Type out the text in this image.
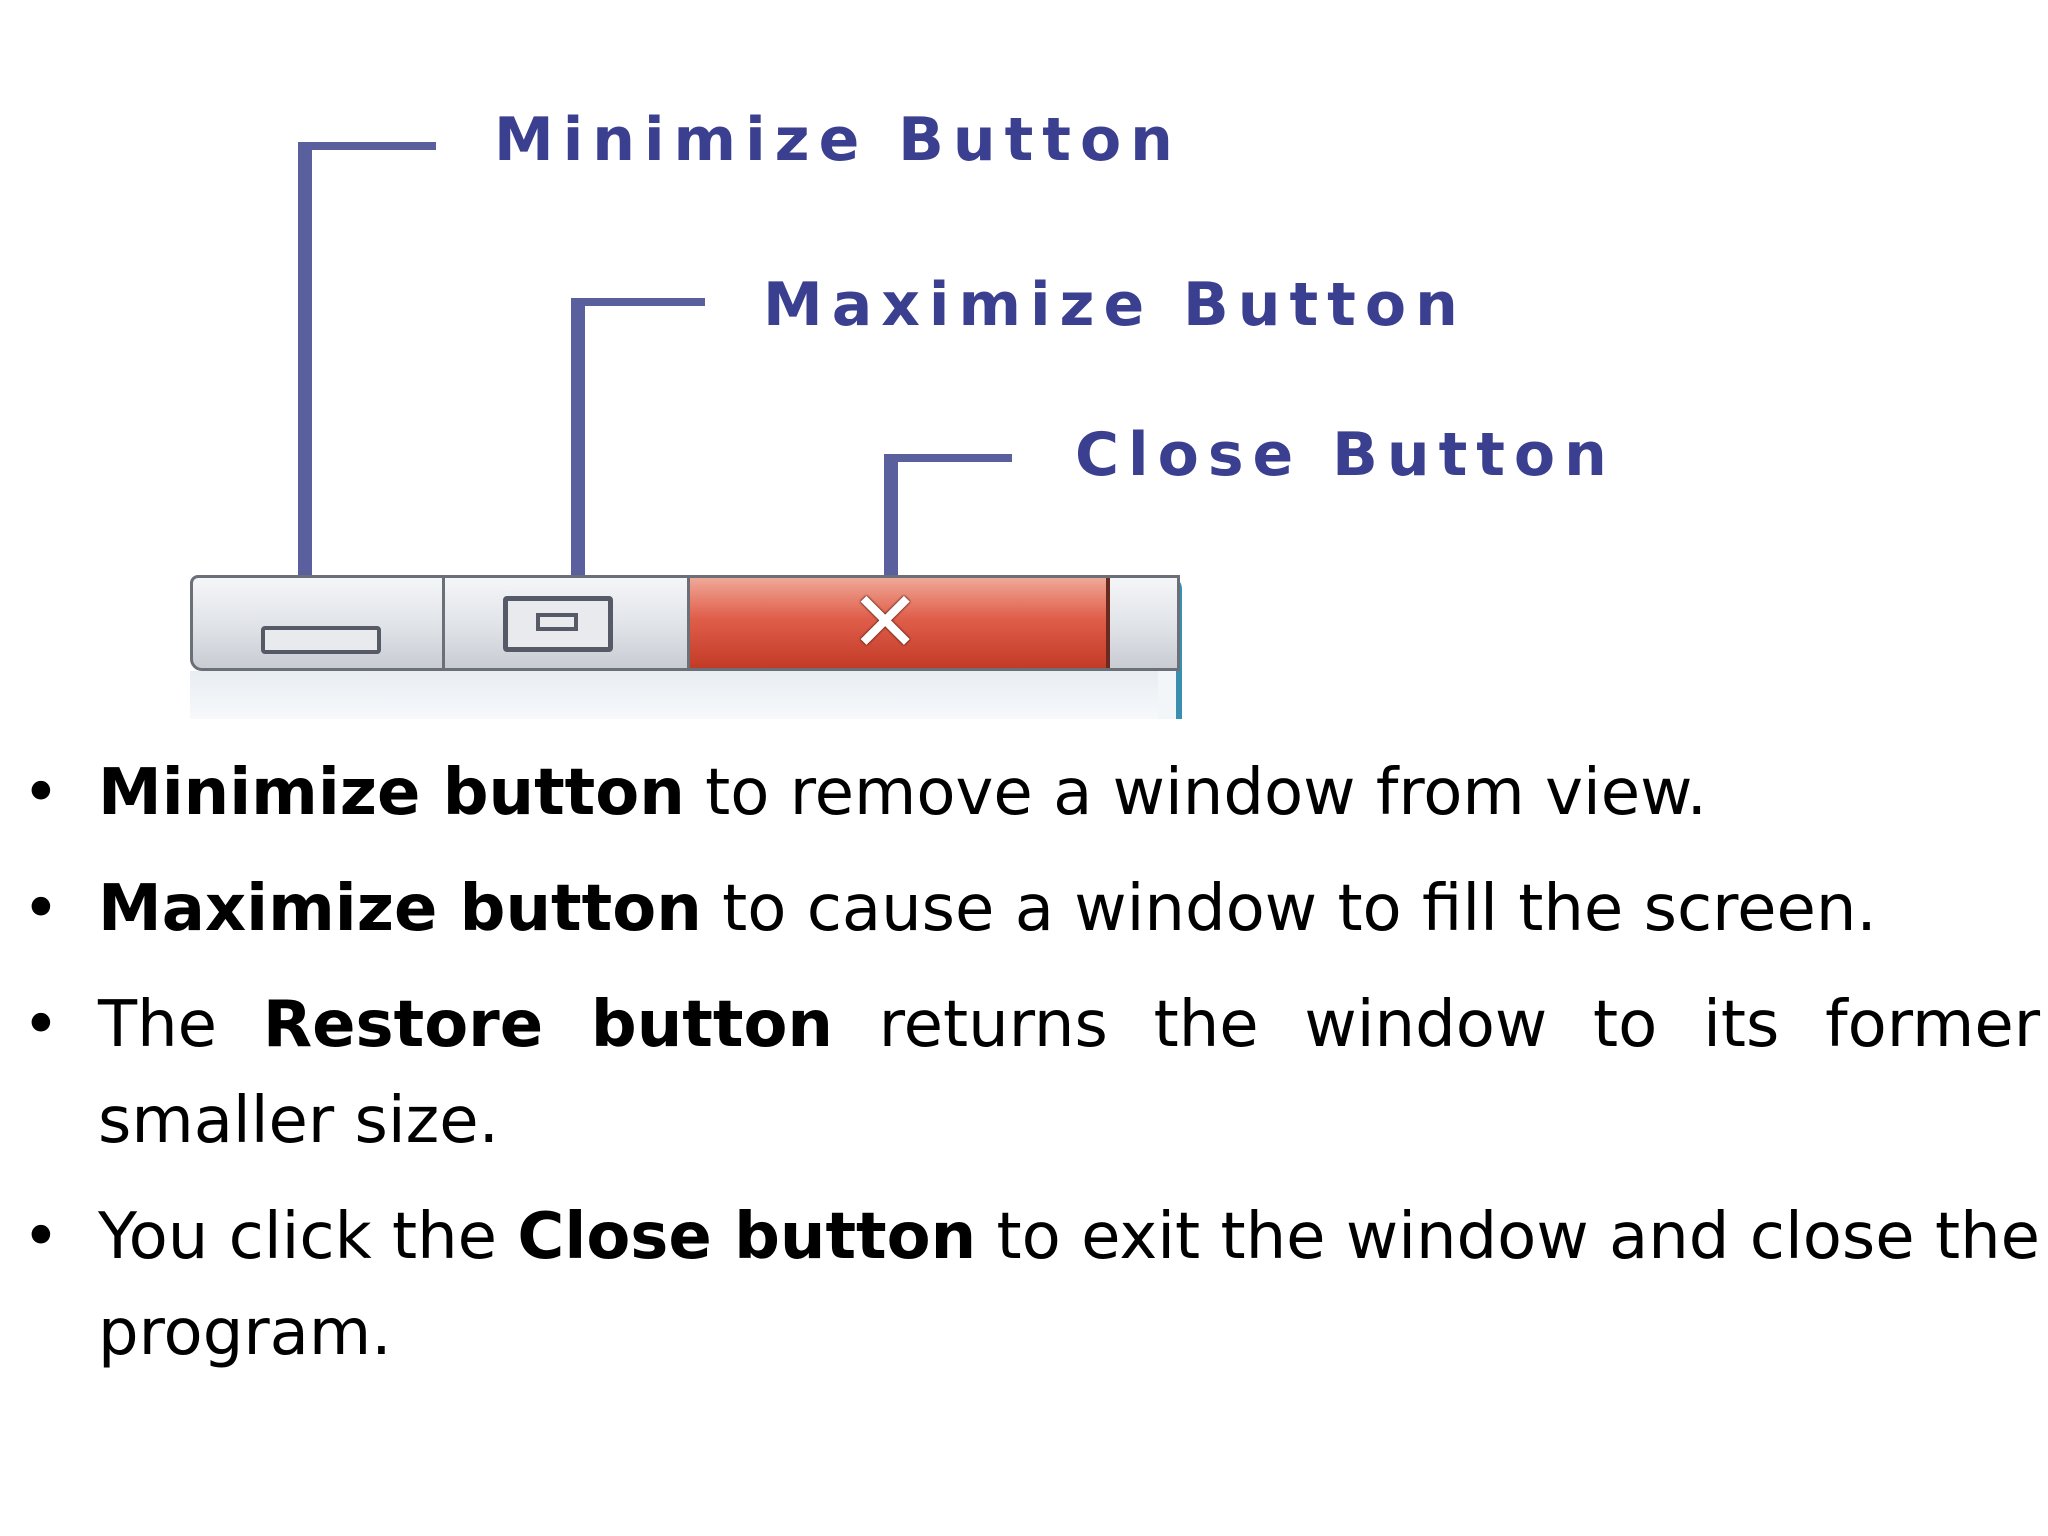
Minimize Button
Maximize Button
Close Button
✕
• Minimize button to remove a window from view.
• Maximize button to cause a window to fill the screen.
• The Restore button returns the window to its former smaller size.
• You click the Close button to exit the window and close the program.
